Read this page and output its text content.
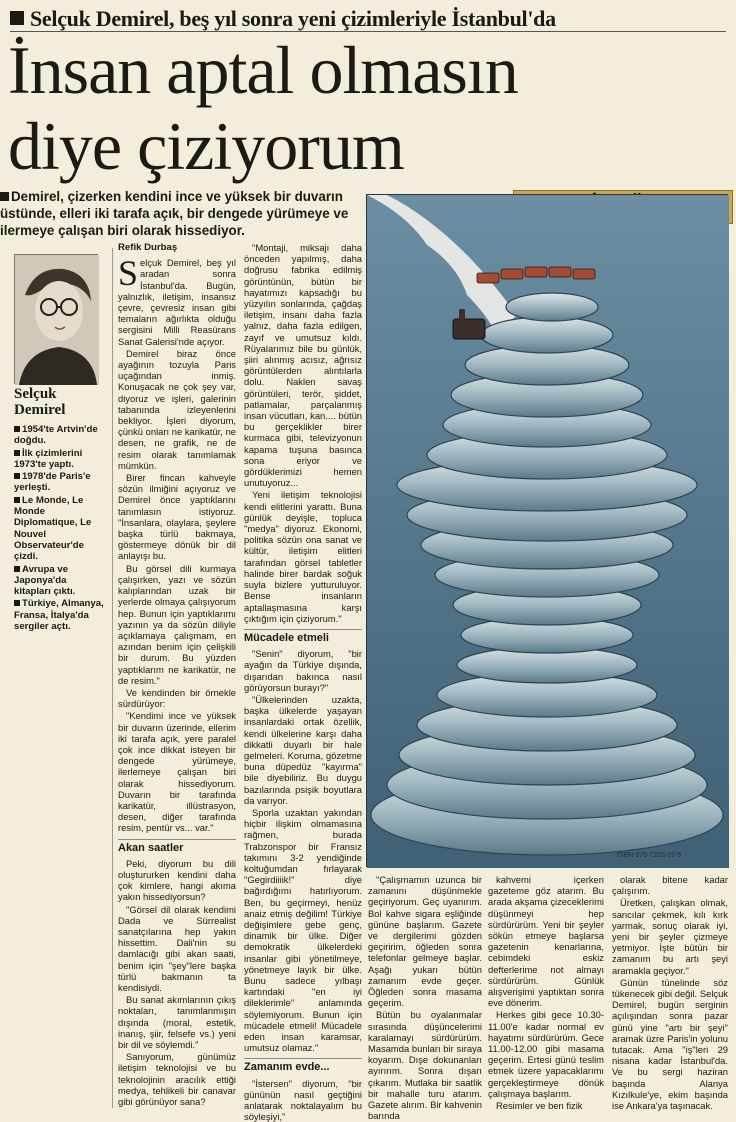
Selçuk Demirel, beş yıl sonra yeni çizimleriyle İstanbul'da
İnsan aptal olmasın
diye çiziyorum
Demirel, çizerken kendini ince ve yüksek bir duvarın üstünde, elleri iki tarafa açık, bir dengede yürümeye ve ilermeye çalışan biri olarak hissediyor.
Selçuk Demirel
1954'te Artvin'de doğdu.
İlk çizimlerini 1973'te yaptı.
1978'de Paris'e yerleşti.
Le Monde, Le Monde Diplomatique, Le Nouvel Observateur'de çizdi.
Avrupa ve Japonya'da kitapları çıktı.
Türkiye, Almanya, Fransa, İtalya'da sergiler açtı.

Refik Durbaş

Selçuk Demirel, beş yıl aradan sonra İstanbul'da. Bugün, yalnızlık, iletişim, insansız çevre, çevresiz insan gibi temaların ağırlıkta olduğu sergisini Milli Reasürans Sanat Galerisi'nde açıyor.

Demirel biraz önce ayağının tozuyla Paris uçağından inmiş. Konuşacak ne çok şey var, diyoruz ve işleri, galerinin tabanında izleyenlerini bekliyor. İşleri diyorum, çünkü onları ne karikatür, ne desen, ne grafik, ne de resim olarak tanımlamak mümkün.

Birer fincan kahveyle sözün ilmiğini açıyoruz ve Demirel önce yaptıklarını tanımlasın istiyoruz. "İnsanlara, olaylara, şeylere başka türlü bakmaya, göstermeye dönük bir dil anlayışı bu.

Bu görsel dili kurmaya çalışırken, yazı ve sözün kalıplarından uzak bir yerlerde olmaya çalışıyorum hep. Bunun için yaptıklarımı yazının ya da sözün diliyle açıklamaya çalışmam, en azından benim için çelişkili bir durum. Bu yüzden yaptıklarım ne karikatür, ne de resim."

Ve kendinden bir örnekle sürdürüyor:

"Kendimi ince ve yüksek bir duvarın üzerinde, ellerim iki tarafa açık, yere paralel çok ince dikkat isteyen bir dengede yürümeye, ilerlemeye çalışan biri olarak hissediyorum. Duvarın bir tarafında karikatür, illüstrasyon, desen, diğer tarafında resim, pentür vs... var."

Akan saatler

Peki, diyorum bu dili oluştururken kendini daha çok kimlere, hangi akıma yakın hissediyorsun?

"Görsel dil olarak kendimi Dada ve Sürrealist sanatçılarına hep yakın hissettim. Dali'nin su damlacığı gibi akan saati, benim için "şey"lere başka türlü bakmanın ta kendisiydi.

Bu sanat akımlarının çıkış noktaları, tanımlanmışın dışında (moral, estetik, inanış, şiir, felsefe vs.) yeni bir dil ve söylemdi."

Sanıyorum, günümüz iletişim teknolojisi ve bu teknolojinin aracılık ettiği medya, tehlikeli bir canavar gibi görünüyor sana?

"Montaji, miksajı daha önceden yapılmış, daha doğrusu fabrika edilmiş görüntünün, bütün bir hayatımızı kapsadığı bu yüzyılın sonlarında, çağdaş iletişim, insanı daha fazla yalnız, daha fazla edilgen, zayıf ve umutsuz kıldı. Rüyalarımız bile bu günlük, şiiri alınmış acısız, ağrısız görüntülerden alıntılarla dolu. Naklen savaş görüntüleri, terör, şiddet, patlamalar, parçalanmış insan vücutları, kan.... bütün bu gerçeklikler birer kurmaca gibi, televizyonun kapama tuşuna basınca sona eriyor ve gördüklerimizi hemen unutuyoruz...

Yeni iletişim teknolojisi kendi elitlerini yarattı. Buna günlük deyişle, topluca "medya" diyoruz. Ekonomi, politika sözün ona sanat ve kültür, iletişim elitleri tarafından görsel tabletler halinde birer bardak soğuk suyla bizlere yutturuluyor. Bense insanların aptallaşmasına karşı çıktığım için çiziyorum."

Mücadele etmeli

"Senin" diyorum, "bir ayağın da Türkiye dışında, dışarıdan bakınca nasıl görüyorsun burayı?"

"Ülkelerinden uzakta, başka ülkelerde yaşayan insanlardaki ortak özellik, kendi ülkelerine karşı daha dikkatli duyarlı bir hale gelmeleri. Koruma, gözetme buna düpedüz "kayırma" bile diyebiliriz. Bu duygu bazılarında psişik boyutlara da varıyor.

Sporla uzaktan yakından hiçbir ilişkim olmamasına rağmen, burada Trabzonspor bir Fransız takımını 3-2 yendiğinde koltuğumdan fırlayarak "Gegirdiiiik!" diye bağırdığımı hatırlıyorum. Ben, bu geçirmeyi, henüz anaiz etmiş değilim! Türkiye değişimlere gebe genç, dinamik bir ülke. Diğer demokratik ülkelerdeki insanlar gibi yönetilmeye, yönetmeye layık bir ülke. Bunu sadece yılbaşı kartındaki "en iyi dileklerimle" anlamında söylemiyorum. Bunun için mücadele etmeli! Mücadele eden insan karamsar, umutsuz olamaz."

Zamanım evde...

"İstersen" diyorum, "bir gününün nasıl geçtiğini anlatarak noktalayalım bu söyleşiyi,"

ISBN 975-7255-07-5

"Çalışmamın uzunca bir zamanını düşünmekle geçiriyorum. Geç uyanırım. Bol kahve sigara eşliğinde gününe başlarım. Gazete ve dergilerimi gözden geçiririm, öğleden sonra telefonlar gelmeye başlar. Aşağı yukarı bütün zamanım evde geçer. Öğleden sonra masama geçerim.

Bütün bu oyalanmalar sırasında düşüncelerimi karalamayı sürdürürüm. Masamda bunları bir sıraya koyarım. Dışe dokunanları ayırırım. Sonra dışarı çıkarım. Mutlaka bir saatlik bir mahalle turu atarım. Gazete alırım. Bir kahvenin barında

kahvemi içerken gazeteme göz atarım. Bu arada akşama çizeceklerimi düşünmeyi hep sürdürürüm. Yeni bir şeyler sökün etmeye başlarsa gazetenin kenarlarına, cebimdeki eskiz defterlerime not almayı sürdürürüm. Günlük alışverişimi yaptıktan sonra eve dönerim.

Herkes gibi gece 10.30-11.00'e kadar normal ev hayatımı sürdürürüm. Gece 11.00-12.00 gibi masama geçerim. Ertesi günü teslim etmek üzere yapacaklarımı gerçekleştirmeye dönük çalışmaya başlarım.

Resimler ve ben fizik

olarak bitene kadar çalışırım.

Üretken, çalışkan olmak, sancılar çekmek, kılı kırk yarmak, sonuç olarak iyi, yeni bir şeyler çizmeye yetmiyor. İşte bütün bir zamanım bu artı şeyi aramakla geçiyor."

Günün tünelinde söz tükenecek gibi değil. Selçuk Demirel, bugün serginin açılışından sonra pazar günü yine "artı bir şeyi" aramak üzre Paris'in yolunu tutacak. Ama "iş"leri 29 nisana kadar İstanbul'da. Ve bu sergi haziran başında Alanya Kızılkule'ye, ekim başında ise Ankara'ya taşınacak.
